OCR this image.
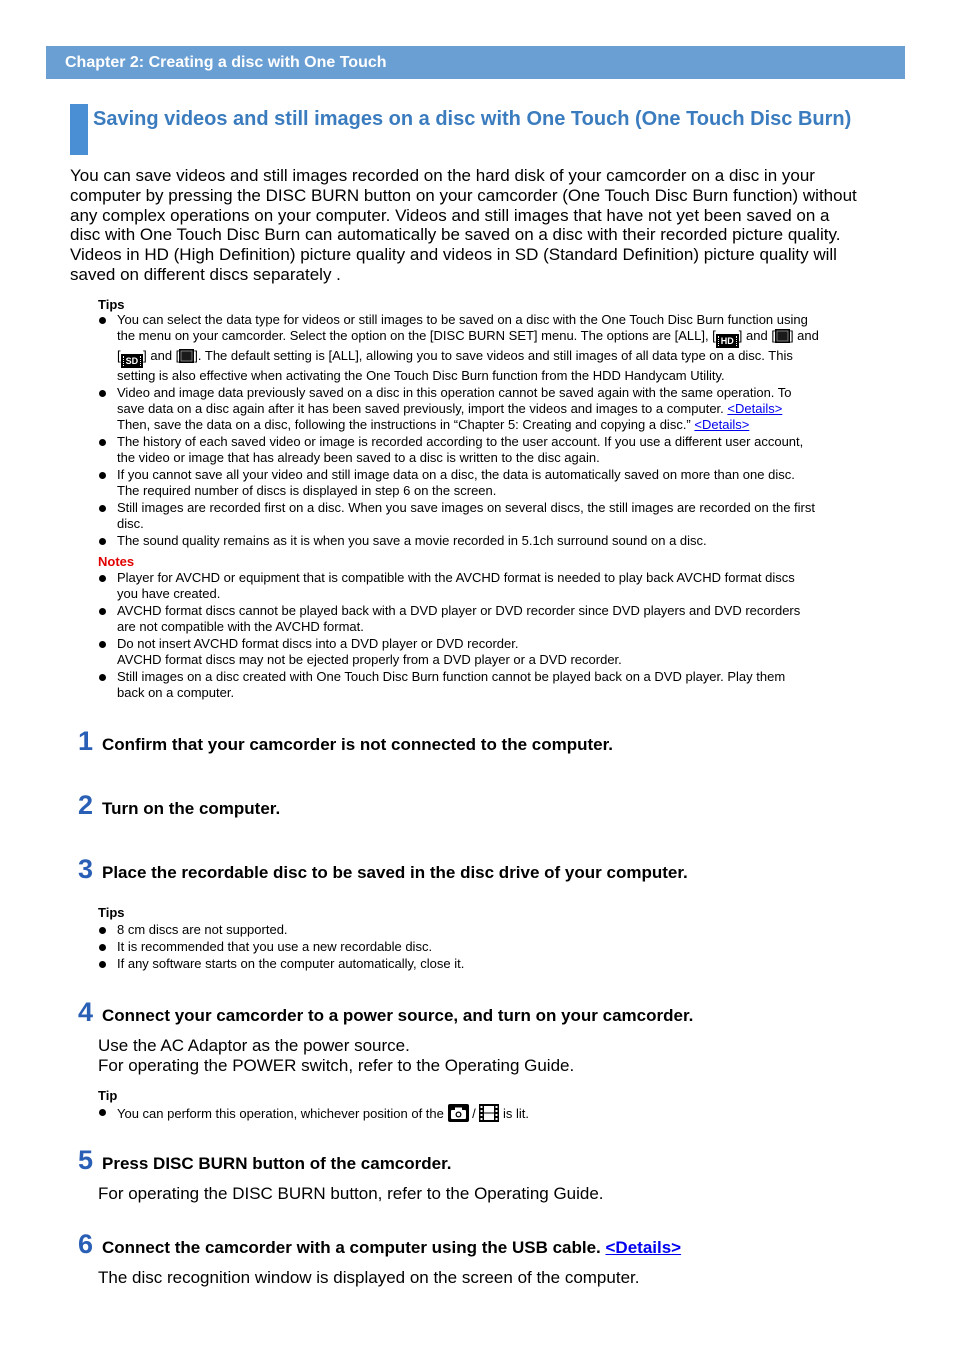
Chapter 2: Creating a disc with One Touch
Saving videos and still images on a disc with One Touch (One Touch Disc Burn)

You can save videos and still images recorded on the hard disk of your camcorder on a disc in your computer by pressing the DISC BURN button on your camcorder (One Touch Disc Burn function) without any complex operations on your computer. Videos and still images that have not yet been saved on a disc with One Touch Disc Burn can automatically be saved on a disc with their recorded picture quality. Videos in HD (High Definition) picture quality and videos in SD (Standard Definition) picture quality will saved on different discs separately .

Tips
You can select the data type for videos or still images to be saved on a disc with the One Touch Disc Burn function using
the menu on your camcorder. Select the option on the [DISC BURN SET] menu. The options are [ALL], [ HD ] and [ ] and
[ SD ] and [ ]. The default setting is [ALL], allowing you to save videos and still images of all data type on a disc. This
setting is also effective when activating the One Touch Disc Burn function from the HDD Handycam Utility.
Video and image data previously saved on a disc in this operation cannot be saved again with the same operation. To
save data on a disc again after it has been saved previously, import the videos and images to a computer. <Details>
Then, save the data on a disc, following the instructions in “Chapter 5: Creating and copying a disc.” <Details>
The history of each saved video or image is recorded according to the user account. If you use a different user account,
the video or image that has already been saved to a disc is written to the disc again.
If you cannot save all your video and still image data on a disc, the data is automatically saved on more than one disc.
The required number of discs is displayed in step 6 on the screen.
Still images are recorded first on a disc. When you save images on several discs, the still images are recorded on the first
disc.
The sound quality remains as it is when you save a movie recorded in 5.1ch surround sound on a disc.
Notes
Player for AVCHD or equipment that is compatible with the AVCHD format is needed to play back AVCHD format discs
you have created.
AVCHD format discs cannot be played back with a DVD player or DVD recorder since DVD players and DVD recorders
are not compatible with the AVCHD format.
Do not insert AVCHD format discs into a DVD player or DVD recorder.
AVCHD format discs may not be ejected properly from a DVD player or a DVD recorder.
Still images on a disc created with One Touch Disc Burn function cannot be played back on a DVD player. Play them
back on a computer.
1 Confirm that your camcorder is not connected to the computer.
2 Turn on the computer.
3 Place the recordable disc to be saved in the disc drive of your computer.
Tips
8 cm discs are not supported.
It is recommended that you use a new recordable disc.
If any software starts on the computer automatically, close it.
4 Connect your camcorder to a power source, and turn on your camcorder.
Use the AC Adaptor as the power source.
For operating the POWER switch, refer to the Operating Guide.
Tip
You can perform this operation, whichever position of the  /  is lit.
5 Press DISC BURN button of the camcorder.
For operating the DISC BURN button, refer to the Operating Guide.
6 Connect the camcorder with a computer using the USB cable. <Details>
The disc recognition window is displayed on the screen of the computer.
